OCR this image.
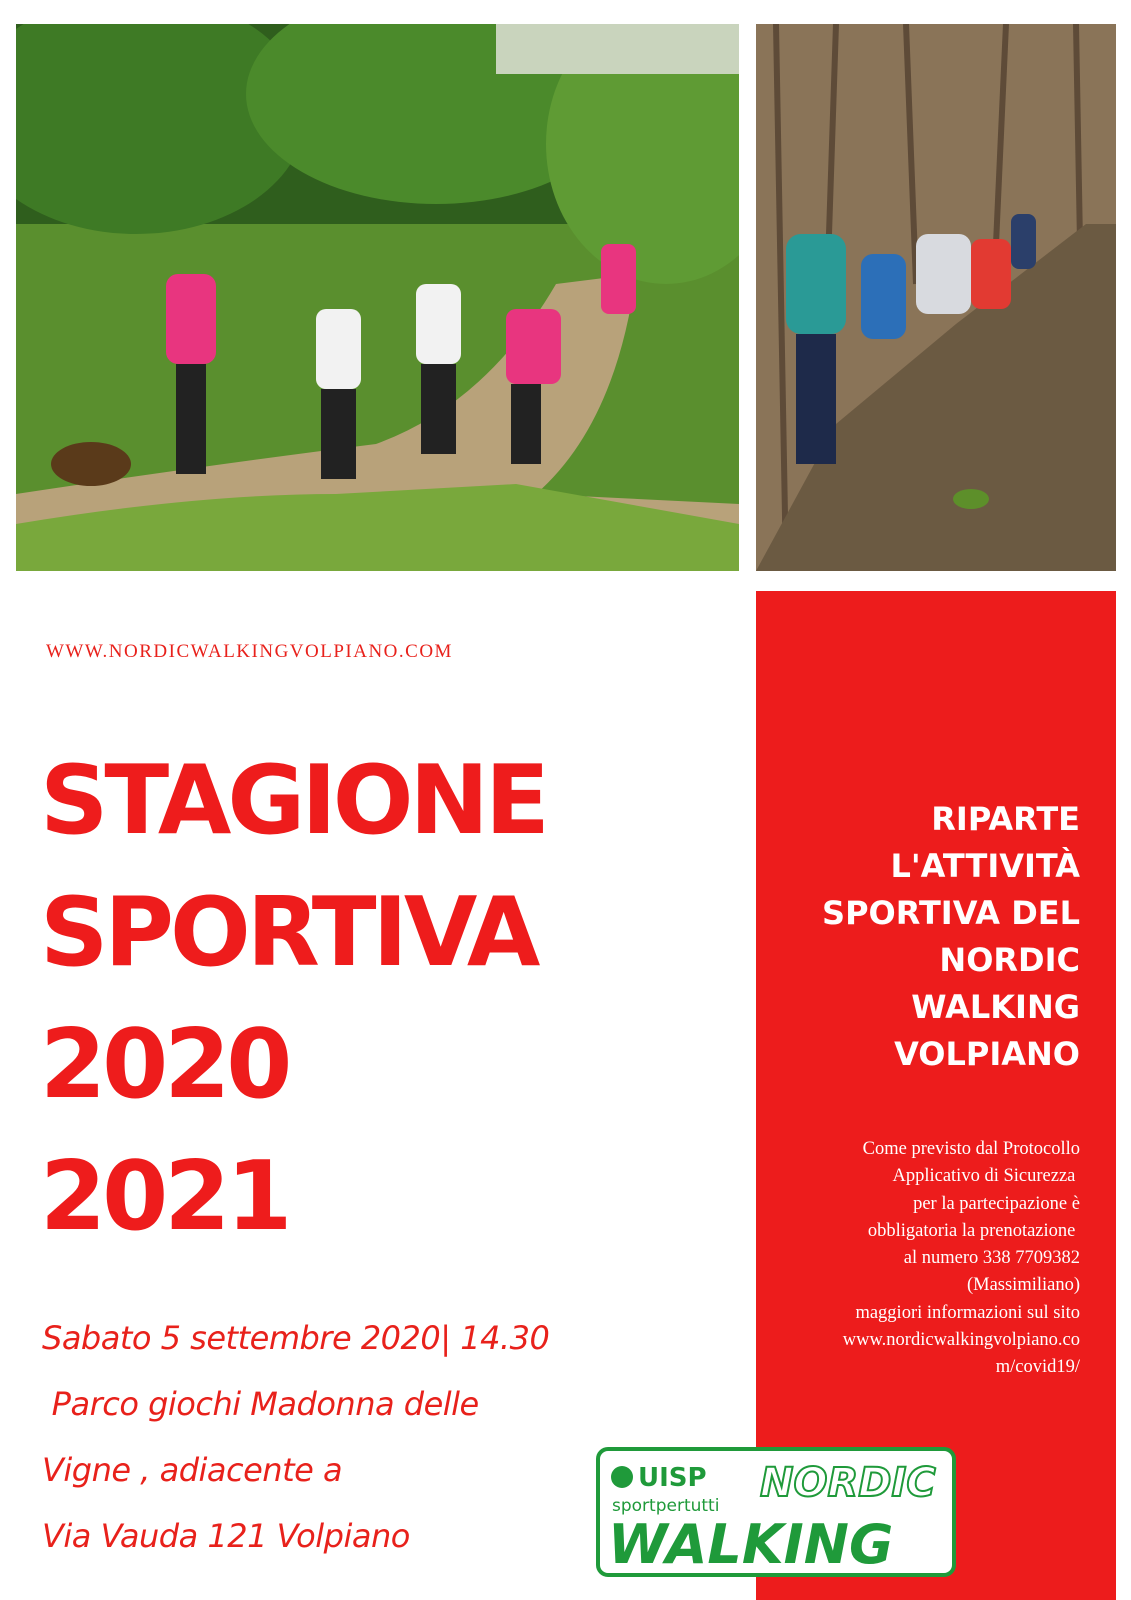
WWW.NORDICWALKINGVOLPIANO.COM
STAGIONE
SPORTIVA
2020
2021
Sabato 5 settembre 2020| 14.30
Parco giochi Madonna delle
Vigne , adiacente a
Via Vauda 121 Volpiano
RIPARTE
L'ATTIVITÀ
SPORTIVA DEL
NORDIC
WALKING
VOLPIANO
Come previsto dal Protocollo
Applicativo di Sicurezza
per la partecipazione è
obbligatoria la prenotazione
al numero 338 7709382
(Massimiliano)
maggiori informazioni sul sito
www.nordicwalkingvolpiano.co
m/covid19/
UISP
sportpertutti NORDIC
WALKING
